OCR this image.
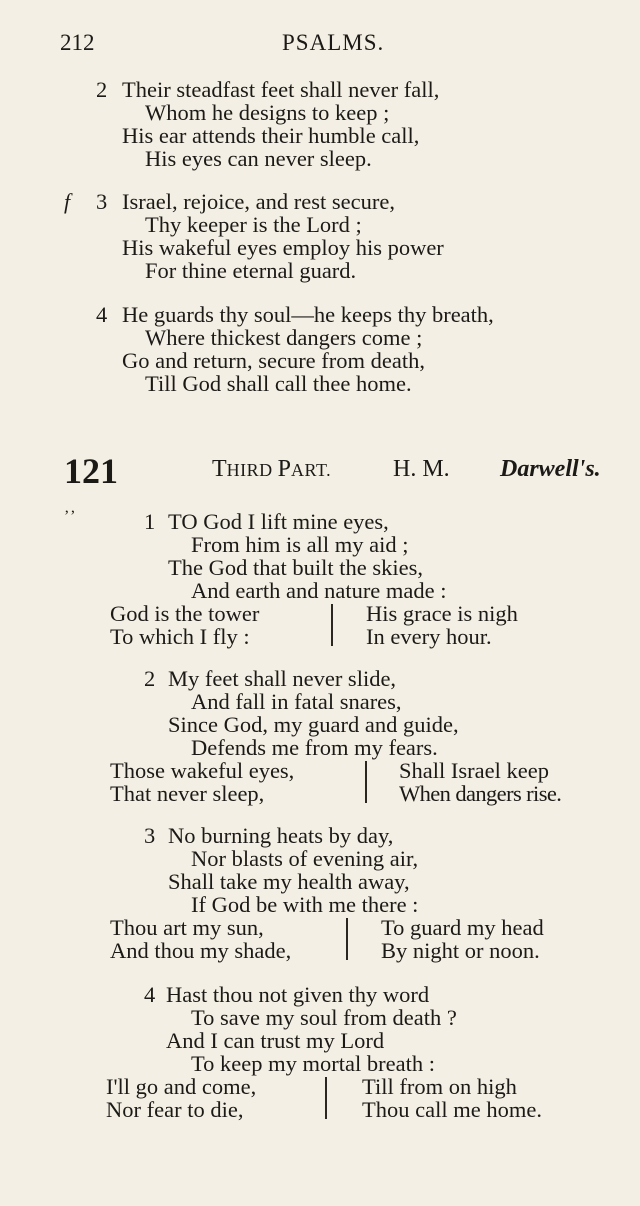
212	PSALMS.
2 Their steadfast feet shall never fall,
Whom he designs to keep ;
His ear attends their humble call,
His eyes can never sleep.
f 3 Israel, rejoice, and rest secure,
Thy keeper is the Lord ;
His wakeful eyes employ his power
For thine eternal guard.
4 He guards thy soul—he keeps thy breath,
Where thickest dangers come ;
Go and return, secure from death,
Till God shall call thee home.
121	THIRD PART.	H. M. Darwell's.
’’	1 TO God I lift mine eyes,
From him is all my aid ;
The God that built the skies,
And earth and nature made :
God is the tower
To which I fly :
His grace is nigh
In every hour.
2 My feet shall never slide,
And fall in fatal snares,
Since God, my guard and guide,
Defends me from my fears.
Those wakeful eyes,
That never sleep,
Shall Israel keep
When dangers rise.
3 No burning heats by day,
Nor blasts of evening air,
Shall take my health away,
If God be with me there :
Thou art my sun,
And thou my shade,
To guard my head
By night or noon.
4 Hast thou not given thy word
To save my soul from death ?
And I can trust my Lord
To keep my mortal breath :
I'll go and come,
Nor fear to die,
Till from on high
Thou call me home.
